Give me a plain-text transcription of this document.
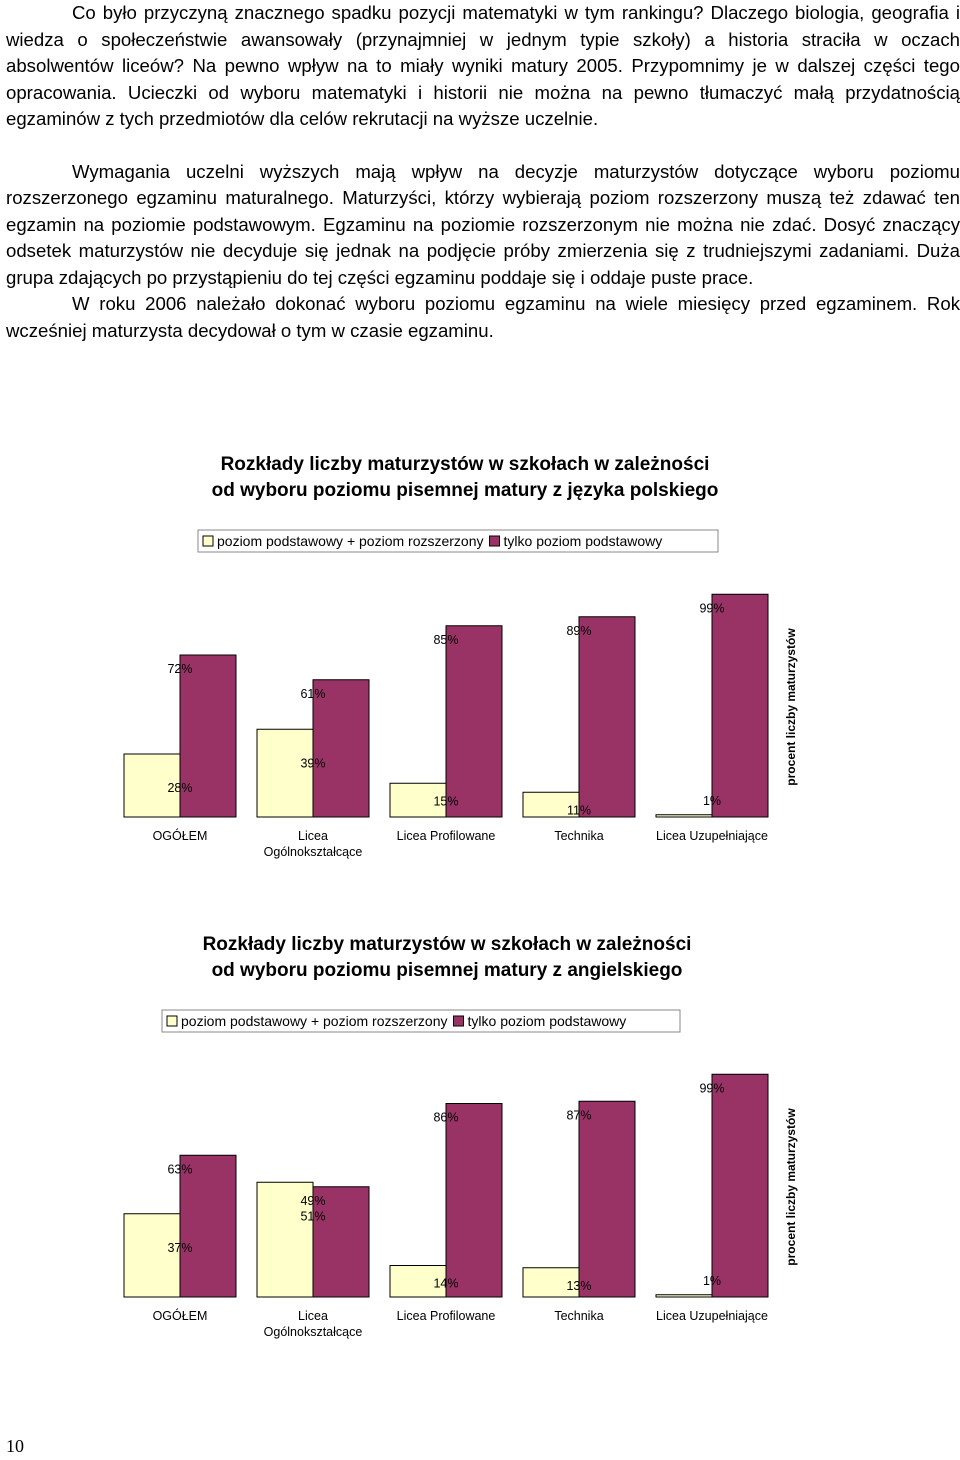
Co było przyczyną znacznego spadku pozycji matematyki w tym rankingu? Dlaczego biologia, geografia i wiedza o społeczeństwie awansowały (przynajmniej w jednym typie szkoły) a historia straciła w oczach absolwentów liceów? Na pewno wpływ na to miały wyniki matury 2005. Przypomnimy je w dalszej części tego opracowania. Ucieczki od wyboru matematyki i historii nie można na pewno tłumaczyć małą przydatnością egzaminów z tych przedmiotów dla celów rekrutacji na wyższe uczelnie.

Wymagania uczelni wyższych mają wpływ na decyzje maturzystów dotyczące wyboru poziomu rozszerzonego egzaminu maturalnego. Maturzyści, którzy wybierają poziom rozszerzony muszą też zdawać ten egzamin na poziomie podstawowym. Egzaminu na poziomie rozszerzonym nie można nie zdać. Dosyć znaczący odsetek maturzystów nie decyduje się jednak na podjęcie próby zmierzenia się z trudniejszymi zadaniami. Duża grupa zdających po przystąpieniu do tej części egzaminu poddaje się i oddaje puste prace.

W roku 2006 należało dokonać wyboru poziomu egzaminu na wiele miesięcy przed egzaminem. Rok wcześniej maturzysta decydował o tym w czasie egzaminu.

Rozkłady liczby maturzystów w szkołach w zależności
od wyboru poziomu pisemnej matury z języka polskiego
poziom podstawowy + poziom rozszerzony tylko poziom podstawowy
72%
28%
OGÓŁEM
61%
39%
Licea
Ogólnokształcące
85%
15%
Licea Profilowane
89%
11%
Technika
99%
1%
Licea Uzupełniające
procent liczby maturzystów
Rozkłady liczby maturzystów w szkołach w zależności
od wyboru poziomu pisemnej matury z angielskiego
poziom podstawowy + poziom rozszerzony tylko poziom podstawowy
63%
37%
OGÓŁEM
49%
51%
Licea
Ogólnokształcące
86%
14%
Licea Profilowane
87%
13%
Technika
99%
1%
Licea Uzupełniające
procent liczby maturzystów
10
